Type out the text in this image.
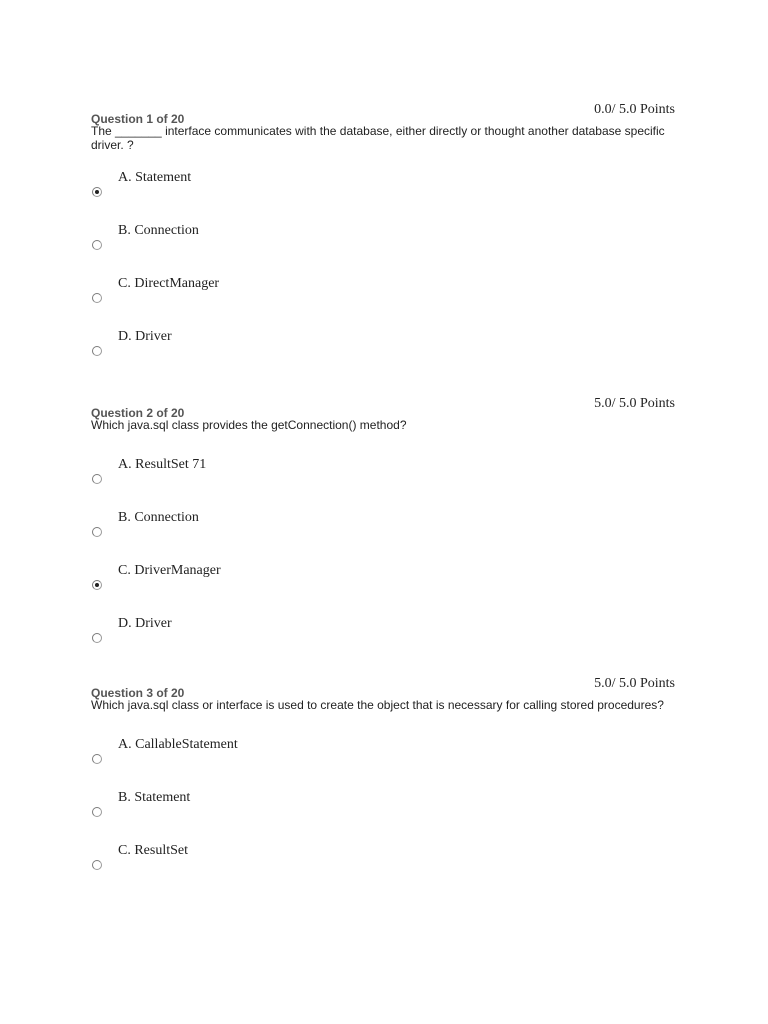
Question 1 of 20
0.0/ 5.0 Points

The _______ interface communicates with the database, either directly or thought another database specific driver. ?

A. Statement
B. Connection
C. DirectManager
D. Driver
Question 2 of 20
5.0/ 5.0 Points

Which java.sql class provides the getConnection() method?

A. ResultSet 71
B. Connection
C. DriverManager
D. Driver
Question 3 of 20
5.0/ 5.0 Points

Which java.sql class or interface is used to create the object that is necessary for calling stored procedures?

A. CallableStatement
B. Statement
C. ResultSet
